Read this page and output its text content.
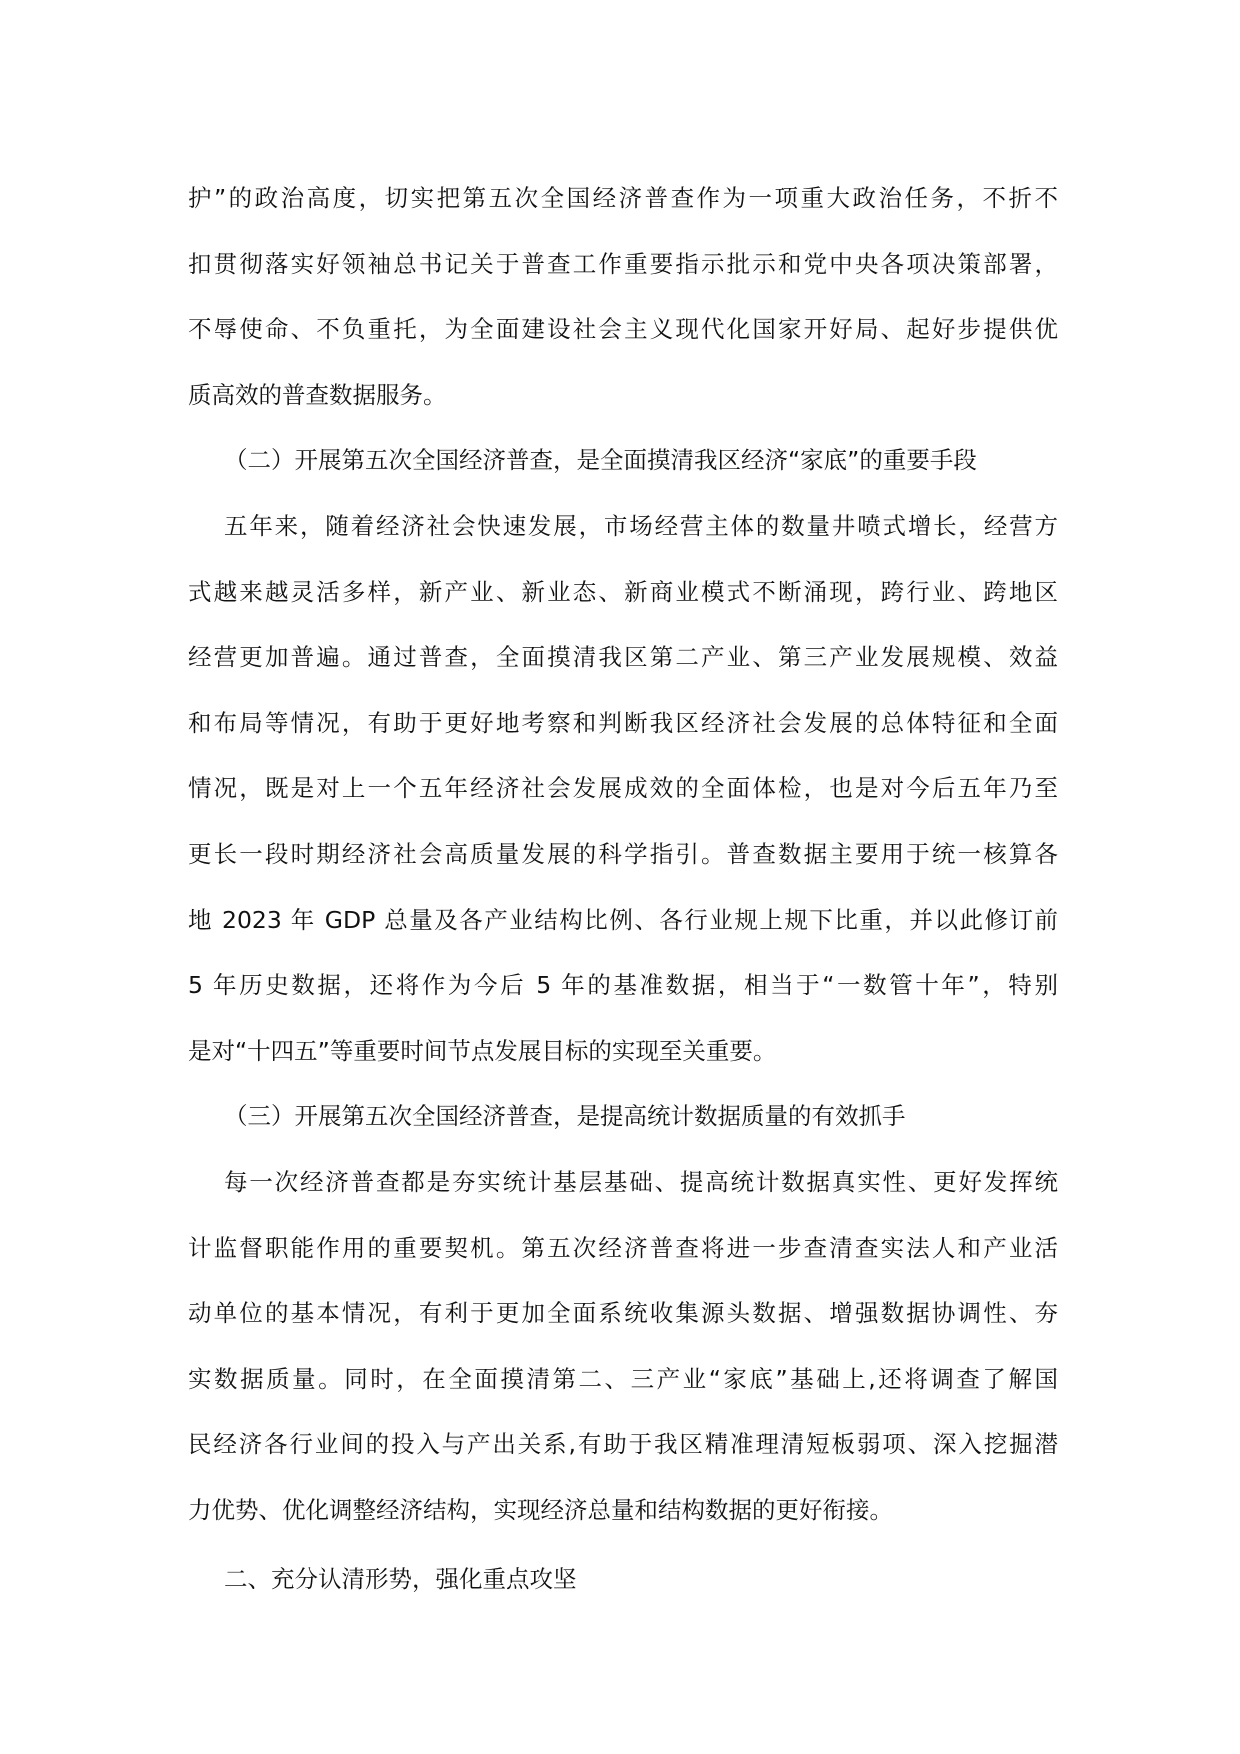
护”的政治高度，切实把第五次全国经济普查作为一项重大政治任务，不折不
扣贯彻落实好领袖总书记关于普查工作重要指示批示和党中央各项决策部署，
不辱使命、不负重托，为全面建设社会主义现代化国家开好局、起好步提供优
质高效的普查数据服务。
（二）开展第五次全国经济普查，是全面摸清我区经济“家底”的重要手段
五年来，随着经济社会快速发展，市场经营主体的数量井喷式增长，经营方
式越来越灵活多样，新产业、新业态、新商业模式不断涌现，跨行业、跨地区
经营更加普遍。通过普查，全面摸清我区第二产业、第三产业发展规模、效益
和布局等情况，有助于更好地考察和判断我区经济社会发展的总体特征和全面
情况，既是对上一个五年经济社会发展成效的全面体检，也是对今后五年乃至
更长一段时期经济社会高质量发展的科学指引。普查数据主要用于统一核算各
地 2023 年 GDP 总量及各产业结构比例、各行业规上规下比重，并以此修订前
5 年历史数据，还将作为今后 5 年的基准数据，相当于“一数管十年”，特别
是对“十四五”等重要时间节点发展目标的实现至关重要。
（三）开展第五次全国经济普查，是提高统计数据质量的有效抓手
每一次经济普查都是夯实统计基层基础、提高统计数据真实性、更好发挥统
计监督职能作用的重要契机。第五次经济普查将进一步查清查实法人和产业活
动单位的基本情况，有利于更加全面系统收集源头数据、增强数据协调性、夯
实数据质量。同时，在全面摸清第二、三产业“家底”基础上,还将调查了解国
民经济各行业间的投入与产出关系,有助于我区精准理清短板弱项、深入挖掘潜
力优势、优化调整经济结构，实现经济总量和结构数据的更好衔接。
二、充分认清形势，强化重点攻坚
